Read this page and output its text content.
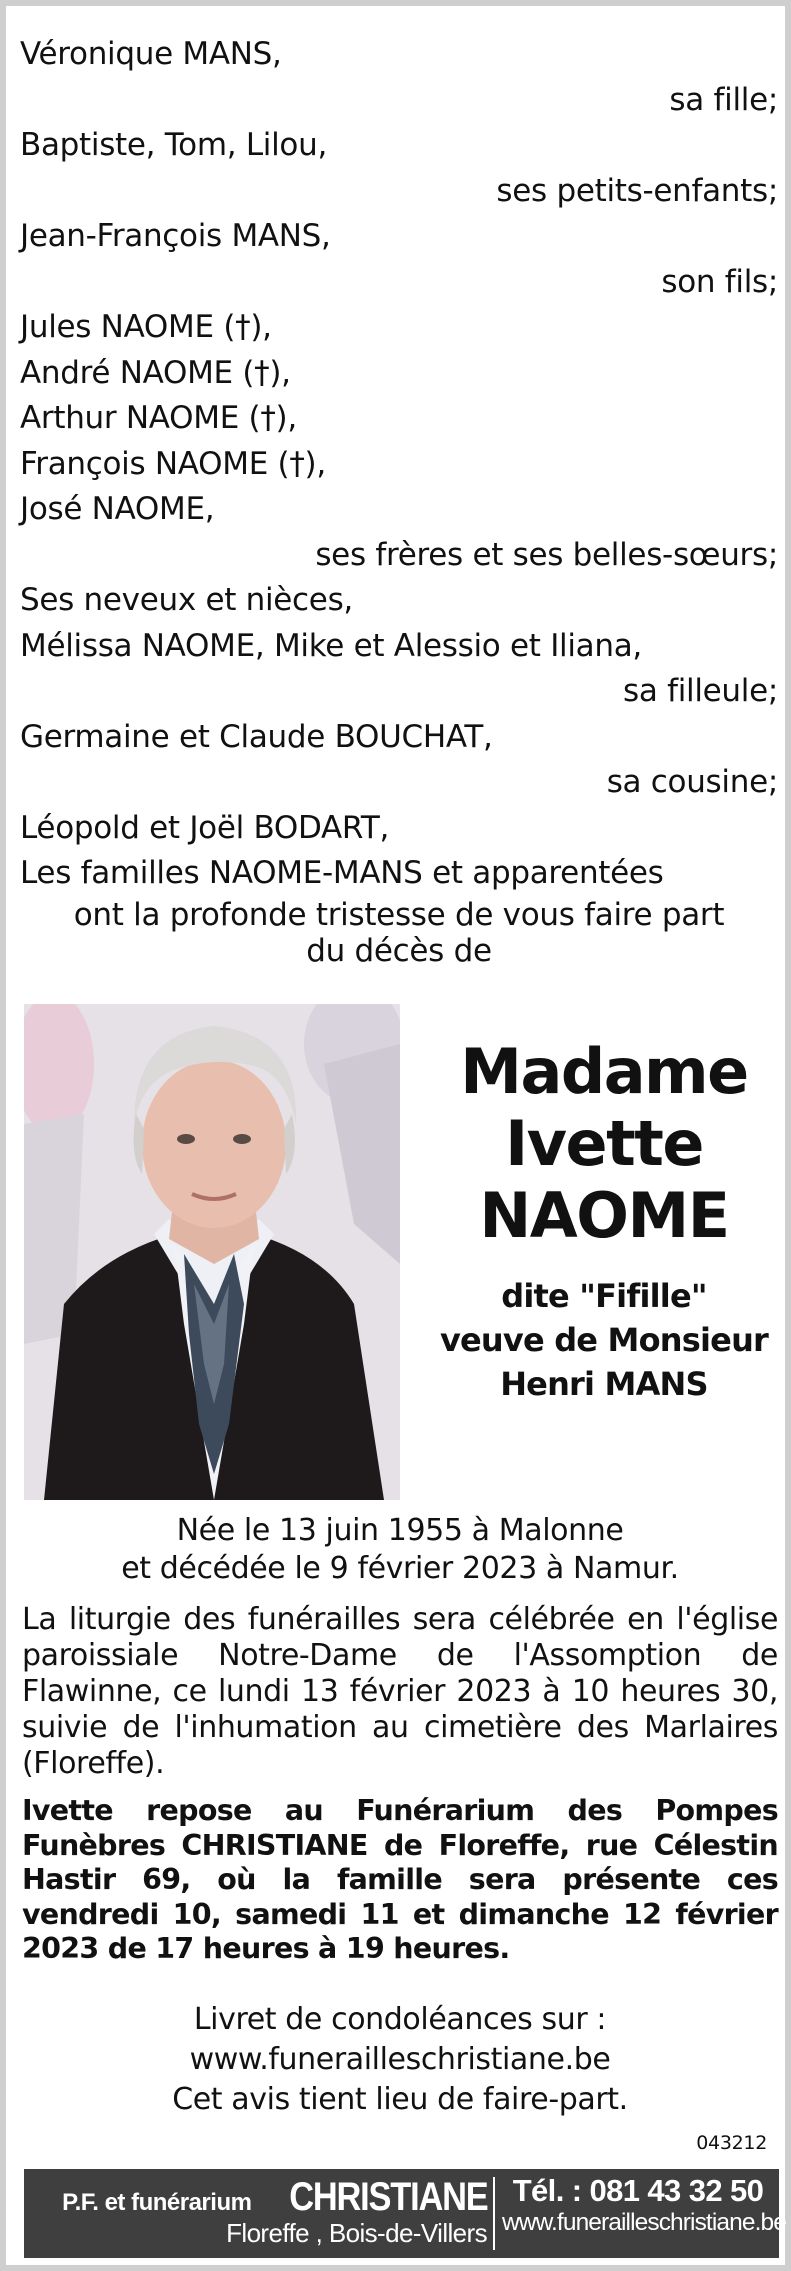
Véronique MANS,
sa fille;
Baptiste, Tom, Lilou,
ses petits-enfants;
Jean-François MANS,
son fils;
Jules NAOME (†),
André NAOME (†),
Arthur NAOME (†),
François NAOME (†),
José NAOME,
ses frères et ses belles-sœurs;
Ses neveux et nièces,
Mélissa NAOME, Mike et Alessio et Iliana,
sa filleule;
Germaine et Claude BOUCHAT,
sa cousine;
Léopold et Joël BODART,
Les familles NAOME-MANS et apparentées
ont la profonde tristesse de vous faire part
du décès de
Madame
Ivette
NAOME
dite "Fifille"
veuve de Monsieur
Henri MANS
Née le 13 juin 1955 à Malonne
et décédée le 9 février 2023 à Namur.
La liturgie des funérailles sera célébrée en l'église paroissiale Notre-Dame de l'Assomption de Flawinne, ce lundi 13 février 2023 à 10 heures 30, suivie de l'inhumation au cimetière des Marlaires (Floreffe).
Ivette repose au Funérarium des Pompes Funèbres CHRISTIANE de Floreffe, rue Célestin Hastir 69, où la famille sera présente ces vendredi 10, samedi 11 et dimanche 12 février 2023 de 17 heures à 19 heures.
Livret de condoléances sur :
www.funerailleschristiane.be
Cet avis tient lieu de faire-part.
043212
P.F. et funérarium CHRISTIANE
Floreffe , Bois-de-Villers
Tél. : 081 43 32 50
www.funerailleschristiane.be
